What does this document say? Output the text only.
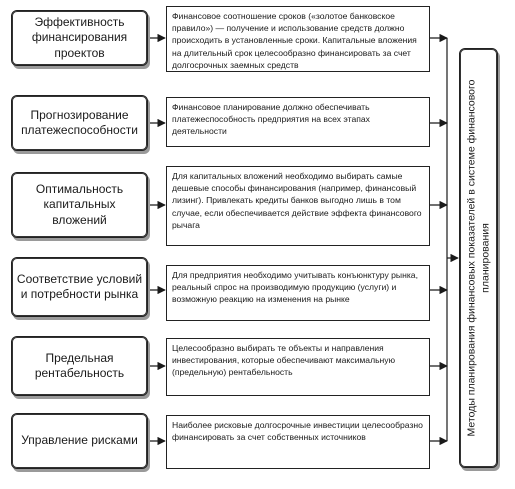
Эффективность финансирования проектов
Прогнозирование платежеспособности
Оптимальность капитальных вложений
Соответствие условий и потребности рынка
Предельная рентабельность
Управление рисками
Финансовое соотношение сроков («золотое банковское правило») — получение и использование средств должно происходить в установленные сроки. Капитальные вложения на длительный срок целесообразно финансировать за счет долгосрочных заемных средств
Финансовое планирование должно обеспечивать платежеспособность предприятия на всех этапах деятельности
Для капитальных вложений необходимо выбирать самые дешевые способы финансирования (например, финансовый лизинг). Привлекать кредиты банков выгодно лишь в том случае, если обеспечивается действие эффекта финансового рычага
Для предприятия необходимо учитывать конъюнктуру рынка, реальный спрос на производимую продукцию (услуги) и возможную реакцию на изменения на рынке
Целесообразно выбирать те объекты и направления инвестирования, которые обеспечивают максимальную (предельную) рентабельность
Наиболее рисковые долгосрочные инвестиции целесообразно финансировать за счет собственных источников
Методы планирования финансовых показателей в системе финансового планирования
